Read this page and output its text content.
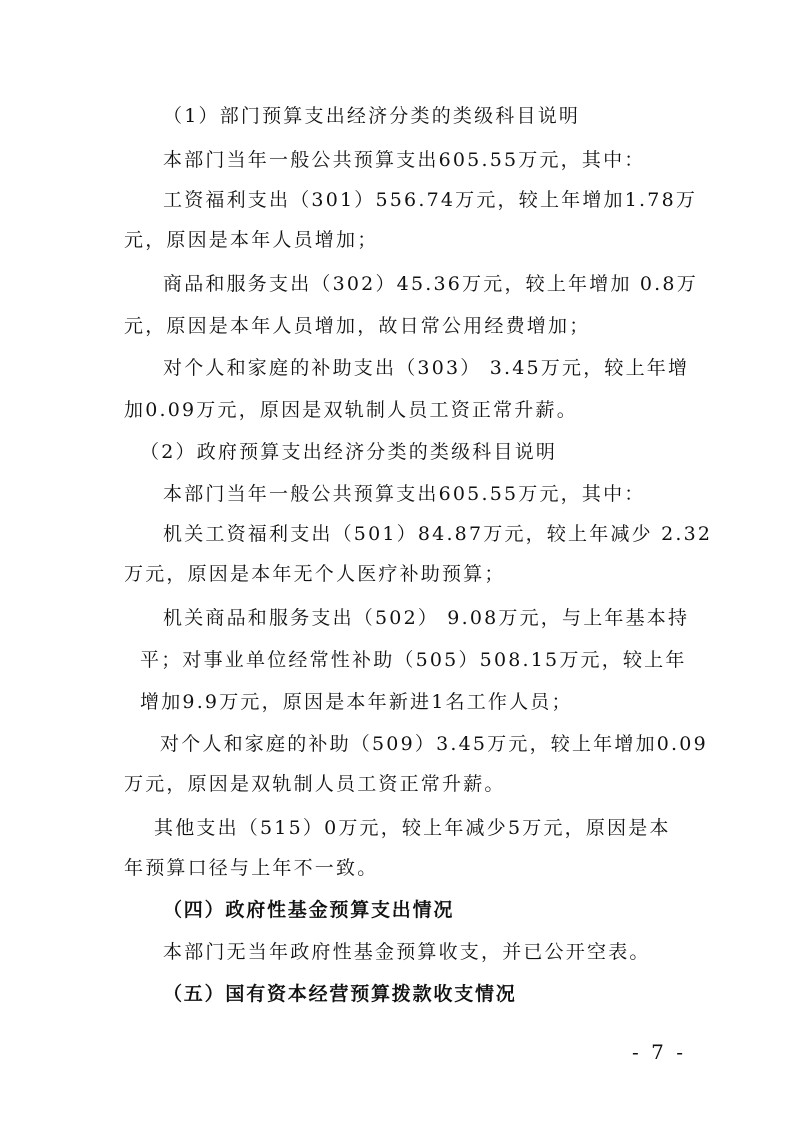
（1）部门预算支出经济分类的类级科目说明
本部门当年一般公共预算支出605.55万元，其中：
工资福利支出（301）556.74万元，较上年增加1.78万
元，原因是本年人员增加；
商品和服务支出（302）45.36万元，较上年增加 0.8万
元，原因是本年人员增加，故日常公用经费增加；
对个人和家庭的补助支出（303） 3.45万元，较上年增
加0.09万元，原因是双轨制人员工资正常升薪。
（2）政府预算支出经济分类的类级科目说明
本部门当年一般公共预算支出605.55万元，其中：
机关工资福利支出（501）84.87万元，较上年减少 2.32
万元，原因是本年无个人医疗补助预算；
机关商品和服务支出（502） 9.08万元，与上年基本持
平；对事业单位经常性补助（505）508.15万元，较上年
增加9.9万元，原因是本年新进1名工作人员；
对个人和家庭的补助（509）3.45万元，较上年增加0.09
万元，原因是双轨制人员工资正常升薪。
其他支出（515）0万元，较上年减少5万元，原因是本
年预算口径与上年不一致。
（四）政府性基金预算支出情况
本部门无当年政府性基金预算收支，并已公开空表。
（五）国有资本经营预算拨款收支情况
- 7 -
